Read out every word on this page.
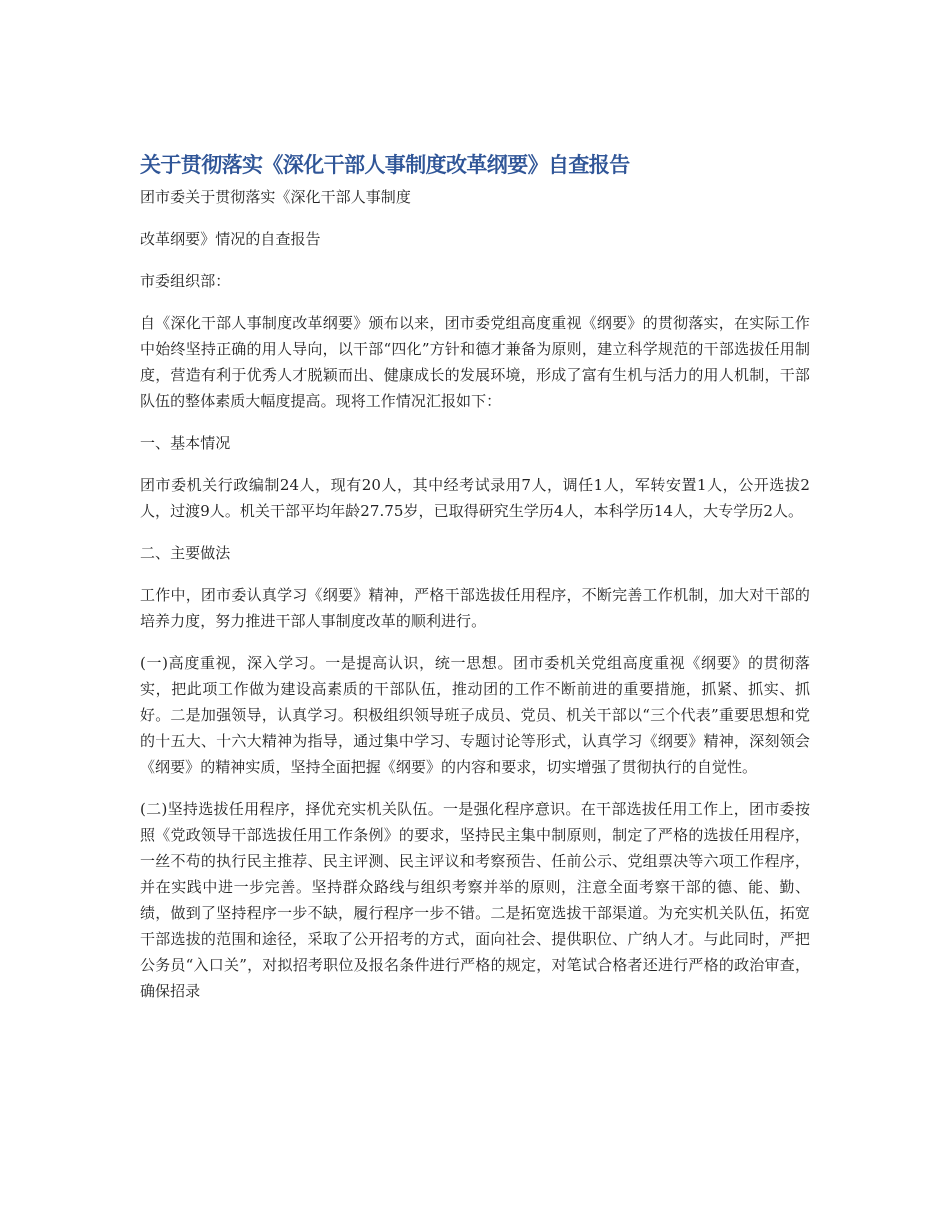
关于贯彻落实《深化干部人事制度改革纲要》自查报告

团市委关于贯彻落实《深化干部人事制度

改革纲要》情况的自查报告

市委组织部：

自《深化干部人事制度改革纲要》颁布以来，团市委党组高度重视《纲要》的贯彻落实，在实际工作中始终坚持正确的用人导向，以干部“四化”方针和德才兼备为原则，建立科学规范的干部选拔任用制度，营造有利于优秀人才脱颖而出、健康成长的发展环境，形成了富有生机与活力的用人机制，干部队伍的整体素质大幅度提高。现将工作情况汇报如下：

一、基本情况

团市委机关行政编制24人，现有20人，其中经考试录用7人，调任1人，军转安置1人，公开选拔2人，过渡9人。机关干部平均年龄27.75岁，已取得研究生学历4人，本科学历14人，大专学历2人。

二、主要做法

工作中，团市委认真学习《纲要》精神，严格干部选拔任用程序，不断完善工作机制，加大对干部的培养力度，努力推进干部人事制度改革的顺利进行。

(一)高度重视，深入学习。一是提高认识，统一思想。团市委机关党组高度重视《纲要》的贯彻落实，把此项工作做为建设高素质的干部队伍，推动团的工作不断前进的重要措施，抓紧、抓实、抓好。二是加强领导，认真学习。积极组织领导班子成员、党员、机关干部以“三个代表”重要思想和党的十五大、十六大精神为指导，通过集中学习、专题讨论等形式，认真学习《纲要》精神，深刻领会《纲要》的精神实质，坚持全面把握《纲要》的内容和要求，切实增强了贯彻执行的自觉性。

(二)坚持选拔任用程序，择优充实机关队伍。一是强化程序意识。在干部选拔任用工作上，团市委按照《党政领导干部选拔任用工作条例》的要求，坚持民主集中制原则，制定了严格的选拔任用程序，一丝不苟的执行民主推荐、民主评测、民主评议和考察预告、任前公示、党组票决等六项工作程序，并在实践中进一步完善。坚持群众路线与组织考察并举的原则，注意全面考察干部的德、能、勤、绩，做到了坚持程序一步不缺，履行程序一步不错。二是拓宽选拔干部渠道。为充实机关队伍，拓宽干部选拔的范围和途径，采取了公开招考的方式，面向社会、提供职位、广纳人才。与此同时，严把公务员“入口关”，对拟招考职位及报名条件进行严格的规定，对笔试合格者还进行严格的政治审查，确保招录
